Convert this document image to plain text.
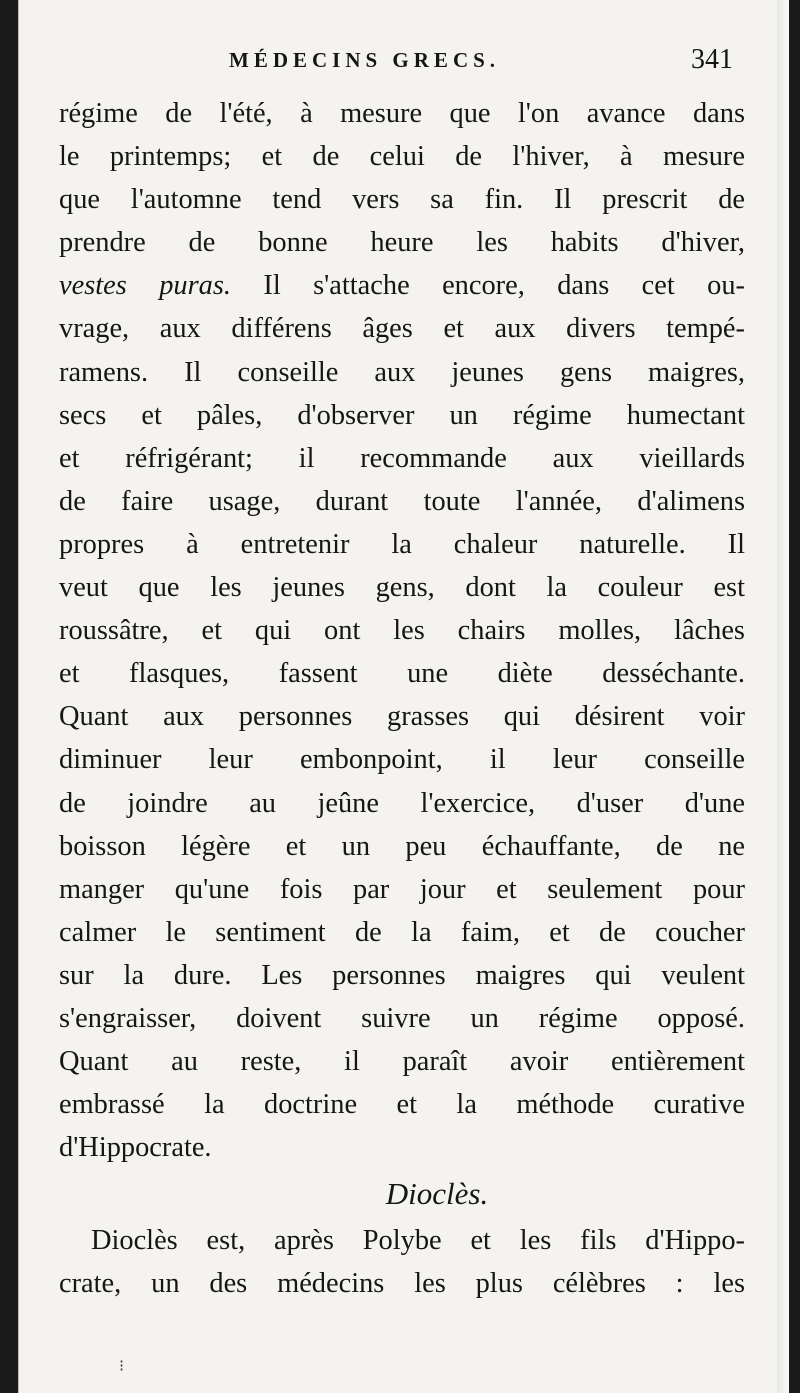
MÉDECINS GRECS.	341
régime de l'été, à mesure que l'on avance dans
le printemps; et de celui de l'hiver, à mesure
que l'automne tend vers sa fin. Il prescrit de
prendre de bonne heure les habits d'hiver,
vestes puras. Il s'attache encore, dans cet ou-
vrage, aux différens âges et aux divers tempé-
ramens. Il conseille aux jeunes gens maigres,
secs et pâles, d'observer un régime humectant
et réfrigérant; il recommande aux vieillards
de faire usage, durant toute l'année, d'alimens
propres à entretenir la chaleur naturelle. Il
veut que les jeunes gens, dont la couleur est
roussâtre, et qui ont les chairs molles, lâches
et flasques, fassent une diète desséchante.
Quant aux personnes grasses qui désirent voir
diminuer leur embonpoint, il leur conseille
de joindre au jeûne l'exercice, d'user d'une
boisson légère et un peu échauffante, de ne
manger qu'une fois par jour et seulement pour
calmer le sentiment de la faim, et de coucher
sur la dure. Les personnes maigres qui veulent
s'engraisser, doivent suivre un régime opposé.
Quant au reste, il paraît avoir entièrement
embrassé la doctrine et la méthode curative
d'Hippocrate.
Dioclès.
Dioclès est, après Polybe et les fils d'Hippo-
crate, un des médecins les plus célèbres : les
⁝
